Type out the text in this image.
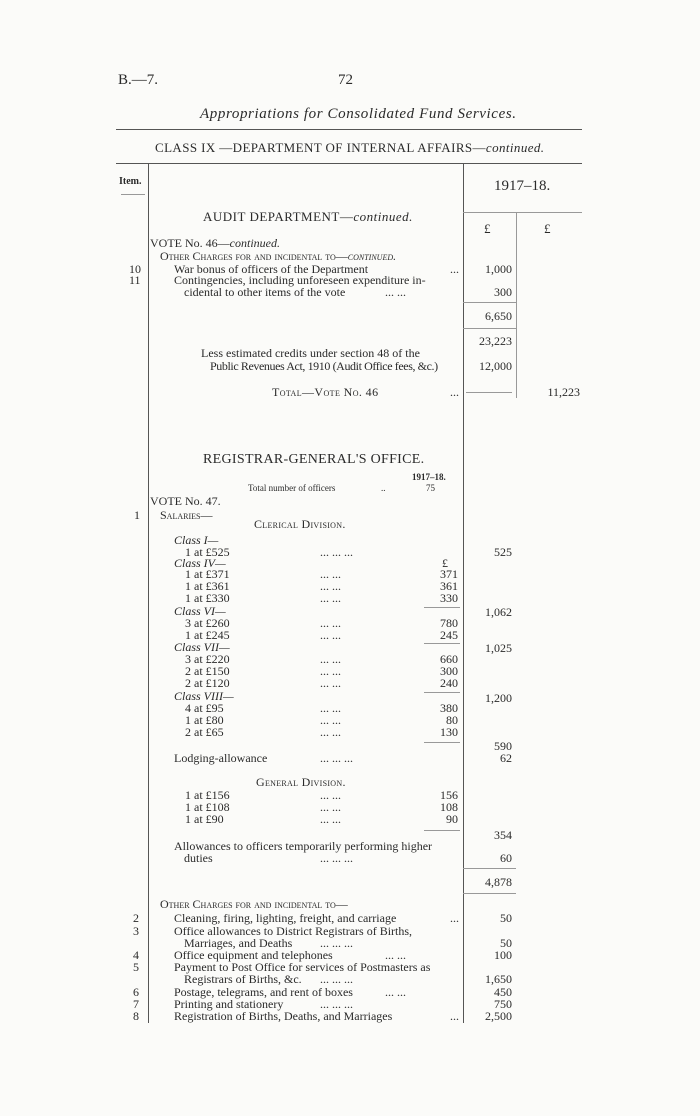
B.—7.	72
Appropriations for Consolidated Fund Services.
CLASS IX —DEPARTMENT OF INTERNAL AFFAIRS—continued.
Item.	1917–18.
£	£
AUDIT DEPARTMENT—continued.
VOTE No. 46—continued.
Other Charges for and incidental to—continued.
10	War bonus of officers of the Department	...	1,000
11	Contingencies, including unforeseen expenditure in-
cidental to other items of the vote	... ...	300
6,650
23,223
Less estimated credits under section 48 of the
Public Revenues Act, 1910 (Audit Office fees, &c.)	12,000
Total—Vote No. 46	...	11,223
REGISTRAR-GENERAL'S OFFICE.
1917–18.
Total number of officers	..	75
VOTE No. 47.
1 Salaries—
Clerical Division.
Class I—
1 at £525	... ... ...	525
Class IV—	£
1 at £371	... ...	371
1 at £361	... ...	361
1 at £330	... ...	330
1,062
Class VI—
3 at £260	... ...	780
1 at £245	... ...	245
1,025
Class VII—
3 at £220	... ...	660
2 at £150	... ...	300
2 at £120	... ...	240
1,200
Class VIII—
4 at £95	... ...	380
1 at £80	... ...	80
2 at £65	... ...	130
590
Lodging-allowance	... ... ...	62
General Division.
1 at £156	... ...	156
1 at £108	... ...	108
1 at £90	... ...	90
354
Allowances to officers temporarily performing higher
duties	... ... ...	60
4,878
Other Charges for and incidental to—
2	Cleaning, firing, lighting, freight, and carriage	...	50
3	Office allowances to District Registrars of Births,
Marriages, and Deaths ... ... ...	50
4	Office equipment and telephones	... ...	100
5	Payment to Post Office for services of Postmasters as
Registrars of Births, &c. ... ... ...	1,650
6	Postage, telegrams, and rent of boxes	... ...	450
7	Printing and stationery	... ... ...	750
8	Registration of Births, Deaths, and Marriages	...	2,500
